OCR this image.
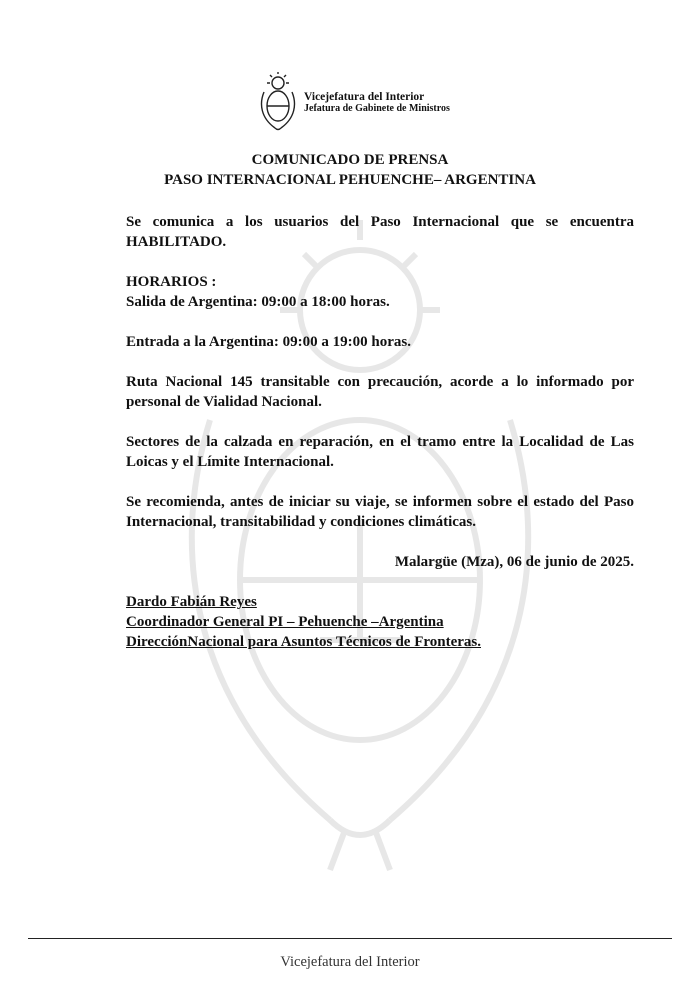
Vicejefatura del Interior
Jefatura de Gabinete de Ministros
COMUNICADO DE PRENSA
PASO INTERNACIONAL PEHUENCHE– ARGENTINA

Se comunica a los usuarios del Paso Internacional que se encuentra HABILITADO.

HORARIOS :

Salida de Argentina: 09:00 a 18:00 horas.

Entrada a la Argentina: 09:00 a 19:00 horas.

Ruta Nacional 145 transitable con precaución, acorde a lo informado por personal de Vialidad Nacional.

Sectores de la calzada en reparación, en el tramo entre la Localidad de Las Loicas y el Límite Internacional.

Se recomienda, antes de iniciar su viaje, se informen sobre el estado del Paso Internacional, transitabilidad y condiciones climáticas.

Malargüe (Mza), 06 de junio de 2025.

Dardo Fabián Reyes

Coordinador General PI – Pehuenche –Argentina

DirecciónNacional para Asuntos Técnicos de Fronteras.

Vicejefatura del Interior
